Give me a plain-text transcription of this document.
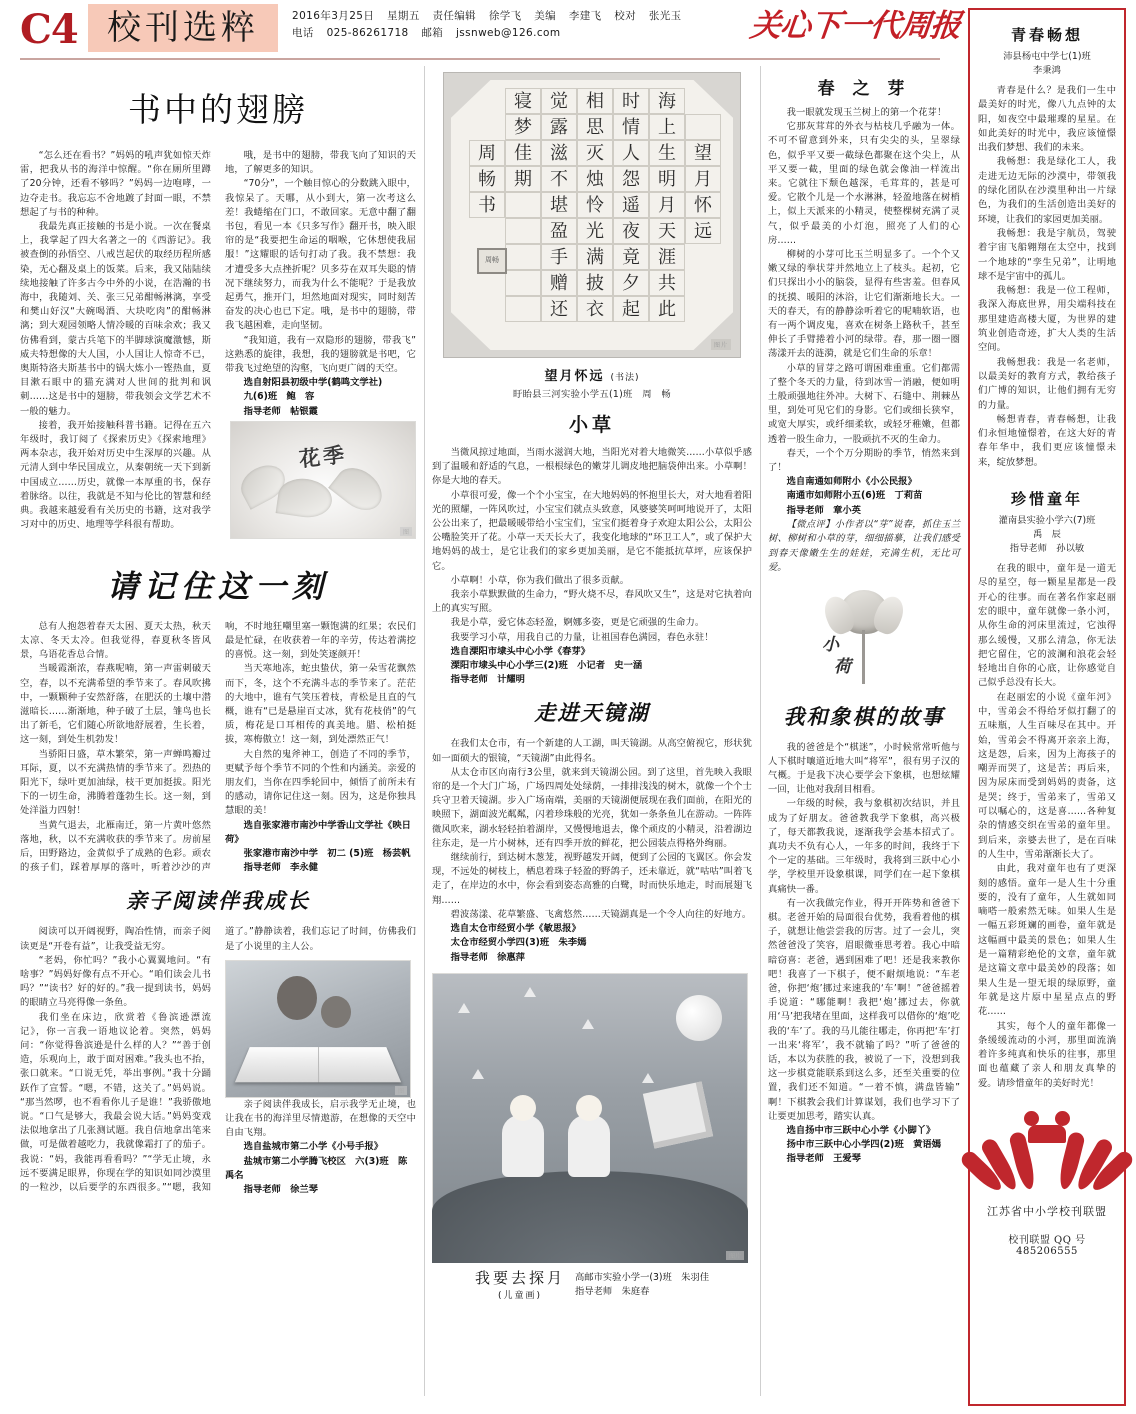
C4 校刊选粹	2016年3月25日 星期五 责任编辑 徐学飞 美编 李建飞 校对 张光玉
电话 025-86261718 邮箱 jssnweb@126.com	关心下一代周报
书中的翅膀

“怎么还在看书？”妈妈的吼声犹如惊天炸雷，把我从书的海洋中惊醒。“你在厕所里蹲了20分钟，还看不够吗？”妈妈一边咆哮，一边夺走书。我忘忘不舍地踱了封面一眼，不禁想起了与书的种种。

我最先真正接触的书是小说。一次在餐桌上，我掌起了四大名著之一的《西游记》。我被查倒的孙悟空、八戒岂起伏的取经历程所感染，无心翻及桌上的饭菜。后来，我又陆陆续续地接触了许多古今中外的小说，在浩瀚的书海中，我随刘、关、张三兄弟酣畅淋漓，享受和樊山好汉“大碗喝酒、大块吃肉”的酣畅淋漓；到大观园领略人情冷暖的百味余欢；我又仿佛看到，蒙古兵笔下的半脚球演魔激憾，斯威夫特想像的大人国，小人国让人惊奇不已，奥斯特洛夫斯基书中的锅大炼小一铿热血，夏目漱石眼中的猫充满对人世间的批判和讽刺……这是书中的翅膀，带我领会文学艺术不一般的魅力。

接着，我开始接触科普书籍。记得在五六年级时，我订阅了《探索历史》《探索地理》两本杂志，我开始对历史中生深厚的兴趣。从元清人到中华民国成立，从秦朝统一天下到新中国成立……历史，就像一本厚重的书，保存着脉络。以往，我就是不知与伦比的智慧和经典。我越来越爱看有关历史的书籍，这对我学习对中的历史、地理等学科很有帮助。

哦，是书中的翅膀，带我飞向了知识的天地，了解更多的知识。

“70分”，一个触目惊心的分数跳入眼中，我惊呆了。天哪，从小到大，第一次考这么差！我蜷缩在门口，不敢回家。无意中翻了翻书包，看见一本《只多写作》翻开书，映入眼帘的是“我要把生命运的咽喉，它休想使我屈服！”这耀眼的话句打动了我。我不禁想：我才遭受多大点挫折呢？贝多芬在双耳失聪的情况下继续努力，而我为什么不能呢？于是我放起勇气，推开门，坦然地面对现实，同时刻苦奋发的决心也已下定。哦，是书中的翅膀，带我飞越困难，走向坚韧。

“我知道，我有一双隐形的翅膀，带我飞”这熟悉的旋律，我想，我的翅膀就是书吧，它带我飞过绝望的沟壑，飞向更广阔的天空。

选自射阳县初级中学(鹤鸣文学社)

九(6)班　鲍　容

指导老师　帖银霞

花季
图
请记住这一刻

总有人抱怨着春天太困、夏天太热，秋天太凉、冬天太冷。但我觉得，春夏秋冬皆风景，乌语花香总合情。

当暖霞渐浓，春燕呢喃，第一声雷刺破天空，春，以不充满希望的季节来了。春风吹拂中，一颗颗种子安然舒落，在肥沃的土壤中潜滋暗长……渐渐地，种子破了土层，雏鸟也长出了新毛，它们随心所欲地舒展着，生长着，这一刻，到处生机勃发！

当骄阳日盛，草木繁荣，第一声蝉鸣瓣过耳际，夏，以不充满热情的季节来了。烈热的阳光下，绿叶更加油绿，枝干更加挺拔。阳光下的一切生命，沸腾着蓬勃生长。这一刻，到处洋溢力四射！

当黄气退去，北雁南迁，第一片黄叶悠然落地，秋，以不充满收获的季节来了。房前屋后，田野路边，金黄似乎了成熟的色彩。顽农的孩子们，踩着厚厚的落叶，听着沙沙的声响，不时地狂嘲里塞一颗饱满的红果；农民们最是忙碌，在收获着一年的辛劳，传达着满挖的喜悦。这一刻，到处笑逐颜开！

当天寒地冻，蛇虫蛰伏，第一朵雪花飘然而下，冬，这个不充满斗志的季节来了。茫茫的大地中，谁有气笑压着枝，青松是且直的气概，谁有“已是悬崖百丈冰，犹有花枝俏”的气质，梅花是口耳相传的真美地。腊、松柏挺拔，寒梅傲立！这一刻，到处漂然正气！

大自然的鬼斧神工，创造了不同的季节，更赋予每个季节不同的个性和内涵美。亲爱的朋友们，当你在四季轮回中，倾悟了前所未有的感动，请你记住这一刻。因为，这是你独具慧眼的美！

选自张家港市南沙中学香山文学社《映日荷》

张家港市南沙中学　初二 (5)班　杨芸帆

指导老师　李永健

亲子阅读伴我成长

阅读可以开阔视野，陶冶性情，而亲子阅读更是“开卷有益”，让我受益无穷。

“老妈，你忙吗？”我小心翼翼地问。“有啥事？”妈妈好像有点不开心。“咱们读会儿书吗？”“读书？好的好的。”我一提到读书，妈妈的眼睛立马亮得像一条鱼。

我们坐在床边，欣赏着《鲁滨逊漂流记》，你一言我一语地议论着。突然，妈妈问：“你觉得鲁滨逊是什么样的人？”“善于创造，乐观向上，敢于面对困难。”我头也不抬，张口就来。“口说无凭，举出事例。”我十分踊跃作了宣誓。“嗯，不错，这关了。”妈妈说。“那当然啰，也不看看你儿子是谁！”我骄傲地说。“口气是够大，我最会说大话。”妈妈变戏法似地拿出了几张测试题。我自信地拿出笔来做，可是做着越吃力，我就像霜打了的茄子。我说：“妈，我能再看看吗？”“学无止境，永远不要满足眼界，你现在学的知识如同沙漠里的一粒沙，以后要学的东西很多。”“嗯，我知道了。”静静读着，我们忘记了时间，仿佛我们是了小说里的主人公。

图

亲子阅读伴我成长，启示我学无止境，也让我在书的海洋里尽情遨游，在想像的天空中自由飞翔。

选自盐城市第二小学《小号手报》

盐城市第二小学腾飞校区　六(3)班　陈禹名

指导老师　徐兰琴

寝	觉	相	时	海
梦	露	思	情	上
周	佳	滋	灭	人	生	望
畅	期	不	烛	怨	明	月
书	堪	怜	遥	月	怀
盈	光	夜	天	远
手	满	竟	涯
赠	披	夕	共
还	衣	起	此
周畅
图片
望月怀远 (书法)
盱眙县三河实验小学五(1)班　周　畅
小草

当微风掠过地面，当雨水滋润大地，当阳光对着大地微笑……小草似乎感到了温暖和舒适的气息，一根根绿色的嫩芽儿调皮地把脑袋伸出来。小草啊！你是大地的春天。

小草很可爱，像一个个小宝宝，在大地妈妈的怀抱里长大，对大地看着阳光的照耀，一阵风吹过，小宝宝们就点头致意，风婆婆笑呵呵地说开了，太阳公公出来了，把最暖暖带给小宝宝们，宝宝们挺着身子欢迎太阳公公，太阳公公嘴脸笑开了花。小草一天天长大了，我变化地球的“环卫工人”，或了保护大地妈妈的战士，是它让我们的家乡更加美丽，是它不能抵抗草坪，应该保护它。

小草啊！小草，你为我们做出了很多贡献。

我亲小草默默做的生命力，“野火烧不尽，春风吹又生”，这是对它执着向上的真实写照。

我是小草，爱它体态轻盈，婀娜多姿，更是它顽强的生命力。

我要学习小草，用我自己的力量，让祖国春色满园，春色永驻！

选自溧阳市埭头中心小学《春芽》

溧阳市埭头中心小学三(2)班　小记者　史一涵

指导老师　计耀明

走进天镜湖

在我们太仓市，有一个新建的人工湖，叫天镜湖。从高空俯视它，形状犹如一面硕大的银镜，“天镜湖”由此得名。

从太仓市区向南行3公里，就来到天镜湖公园。到了这里，首先映入我眼帘的是一个大门广场，广场四周处处绿荫，一排排浅浅的树木，就像一个个士兵守卫着天镜湖。步入广场南端，美丽的天镜湖便展现在我们面前，在阳光的映照下，湖面波光粼粼，闪着珍珠般的光亮，犹如一条条鱼儿在游动。一阵阵微风吹来，湖水轻轻拍着湖岸，又慢慢地退去，像个顽皮的小精灵，沿着湖边往东走，是一片小树林，还有四季开放的鲜花，把公园装点得格外绚丽。

继续前行，到达树木葱茏，视野越发开阔，便到了公园的飞翼区。你会发现，不远处的树枝上，栖息着珠子轻盈的野鸽子，还未靠近，就“咕咕”叫着飞走了，在岸边的水中，你会看到姿态高雅的白鹭，时而快乐地走，时而展翅飞翔……

碧波荡漾、花草繁盛、飞禽悠然……天镜湖真是一个令人向往的好地方。

选自太仓市经贸小学《敏思报》

太仓市经贸小学四(3)班　朱李嫣

指导老师　徐惠萍

图片
我要去探月
(儿童画)
高邮市实验小学一(3)班　朱羽佳
指导老师　朱庭春
春 之 芽

我一眼就发现玉兰树上的第一个花芽！

它那灰茸茸的外衣与枯枝几乎融为一体。不可不留意到外来，只有尖尖的头，呈翠绿色，似乎平又要一截绿色都聚在这个尖上，从平又要一截，里面的绿色就会像油一样流出来。它就往下颓色越深，毛茸茸的，甚是可爱。它散个儿是一个水淋淋，轻盈地落在树梢上，似上天派来的小精灵，使整棵树充满了灵气，似乎最美的小灯泡，照亮了人们的心房……

柳树的小芽可比玉兰明显多了。一个个又嫩又绿的拳状芽并然地立上了枝头。起初，它们只探出小小的脑袋，显得有些害羞。但春风的抚摸、暖阳的沐浴，让它们渐渐地长大。一天的春天，有的静静涂听着它的呢喃软语，也有一两个调皮鬼，喜欢在树条上路秋千，甚至伸长了手臂捲着小河的绿带。春，那一圈一圈荡漾开去的涟漪，就是它们生命的乐章！

小草的冒芽之路可谓困难重重。它们都需了整个冬天的力量，待到冰雪一消融，便如明土般顽强地往外冲。大树下、石缝中、荆棘丛里，到处可见它们的身影。它们或细长狭窄，或宽大厚实，或纤细柔软，或轻牙稚嫩，但都透着一股生命力，一股顽抗不灭的生命力。

春天，一个个万分期盼的季节，悄然来到了！

选自南通如师附小《小公民报》

南通市如师附小五(6)班　丁莉苗

指导老师　章小英

【微点评】小作者以“芽”说春，抓住玉兰树、柳树和小草的芽，细细描摹，让我们感受到春天像嫩生生的娃娃，充满生机，无比可爱。

小
荷
我和象棋的故事

我的爸爸是个“棋迷”，小时候常常听他与人下棋时嚷道近地大叫“将军”，很有男子汉的气概。于是我下决心要学会下象棋，也想炫耀一回，让他对我刮目相看。

一年级的时候，我与象棋初次结识，并且成为了好朋友。爸爸教我学下象棋，高兴极了，每天都教我说，逐渐我学会基本招式了。真功夫不负有心人，一年多的时间，我终于下个一定的基础。三年级时，我将到三跃中心小学，学校里开设象棋课，同学们在一起下象棋真痛快一番。

有一次我做完作业，得开开阵势和爸爸下棋。老爸开始的局面很台优势，我看着他的棋子，就想让他尝尝我的厉害。过了一会儿，突然爸爸没了笑容，眉眼微垂思考着。我心中暗暗窃喜：老爸，遇到困难了吧！还是我来教你吧！我喜了一下棋子，便不耐烦地说：“车老爸，你把‘炮’挪过来速我的‘车’啊！”爸爸摇着手说道：“哪能啊！我把‘炮’挪过去，你就用‘马’把我堵在里面，这样我可以借你的‘炮’吃我的‘车’了。我的马儿能往哪走，你再把‘车’打一出来‘将军’，我不就输了吗？”听了爸爸的话，本以为获胜的我，被说了一下，没想到我这一步棋竟能联系到这么多，还至关重要的位置，我们还不知道。“一着不慎，满盘皆输”啊！下棋教会我们计算谋划，我们也学习下了让要更加思考，踏实认真。

选自扬中市三跃中心小学《小脚丫》

扬中市三跃中心小学四(2)班　黄语嫣

指导老师　王爱琴

青春畅想
沛县杨屯中学七(1)班
李秉鸿

青春是什么？是我们一生中最美好的时光，像八九点钟的太阳，如夜空中最璀璨的星星。在如此美好的时光中，我应该憧憬出我们梦想、我们的未来。

我畅想：我是绿化工人，我走进无边无际的沙漠中，带领我的绿化团队在沙漠里种出一片绿色，为我们的生活创造出美好的环境，让我们的家园更加美丽。

我畅想：我是宇航员，驾驶着宇宙飞船翱翔在太空中，找到一个地球的“孪生兄弟”，让明地球不是宇宙中的孤儿。

我畅想：我是一位工程师，我深入海底世界，用尖端科技在那里建造高楼大厦，为世界的建筑业创造奇迹，扩大人类的生活空间。

我畅想我：我是一名老师，以最美好的教育方式，教给孩子们广博的知识，让他们拥有无穷的力量。

畅想青春，青春畅想，让我们永恒地憧憬着，在这大好的青春年华中，我们更应该憧憬未来，绽放梦想。

珍惜童年
灌南县实验小学六(7)班
禹　辰
指导老师　孙以敏

在我的眼中，童年是一道无尽的星空，每一颗星星都是一段开心的往事。而在著名作家赵丽宏的眼中，童年就像一条小河，从你生命的河床里流过，它浊得那么缓慢，又那么清急，你无法把它留住，它的波澜和浪花会轻轻地出自你的心底，让你感觉自己似乎总没有长大。

在赵丽宏的小说《童年河》中，雪弟会不得给牙似打翻了的五味瓶，人生百味尽在其中。开始，雪弟会不得离开亲亲上海，这是怨，后来，因为上海孩子的嘲弄而哭了，这是苦；再后来，因为尿床而受到妈妈的责备，这是哭；终于，雪弟来了，雪弟又可以嘱心的，这是喜……各种复杂的情感交织在雪弟的童年里。到后来，亲婆去世了，是在百味的人生中，雪弟渐渐长大了。

由此，我对童年也有了更深刻的感悟。童年一是人生十分重要的，没有了童年，人生就如同嘀嗒一般索然无味。如果人生是一幅五彩斑斓的画卷，童年就是这幅画中最美的景色；如果人生是一篇精彩绝伦的文章，童年就是这篇文章中最美妙的段落；如果人生是一望无垠的绿原野，童年就是这片原中星星点点的野花……

其实，每个人的童年都像一条缓缓流动的小河，那里面流淌着许多纯真和快乐的往事，那里面也蕴藏了亲人和朋友真挚的爱。请珍惜童年的美好时光！

江苏省中小学校刊联盟
校刊联盟 QQ 号 485206555
